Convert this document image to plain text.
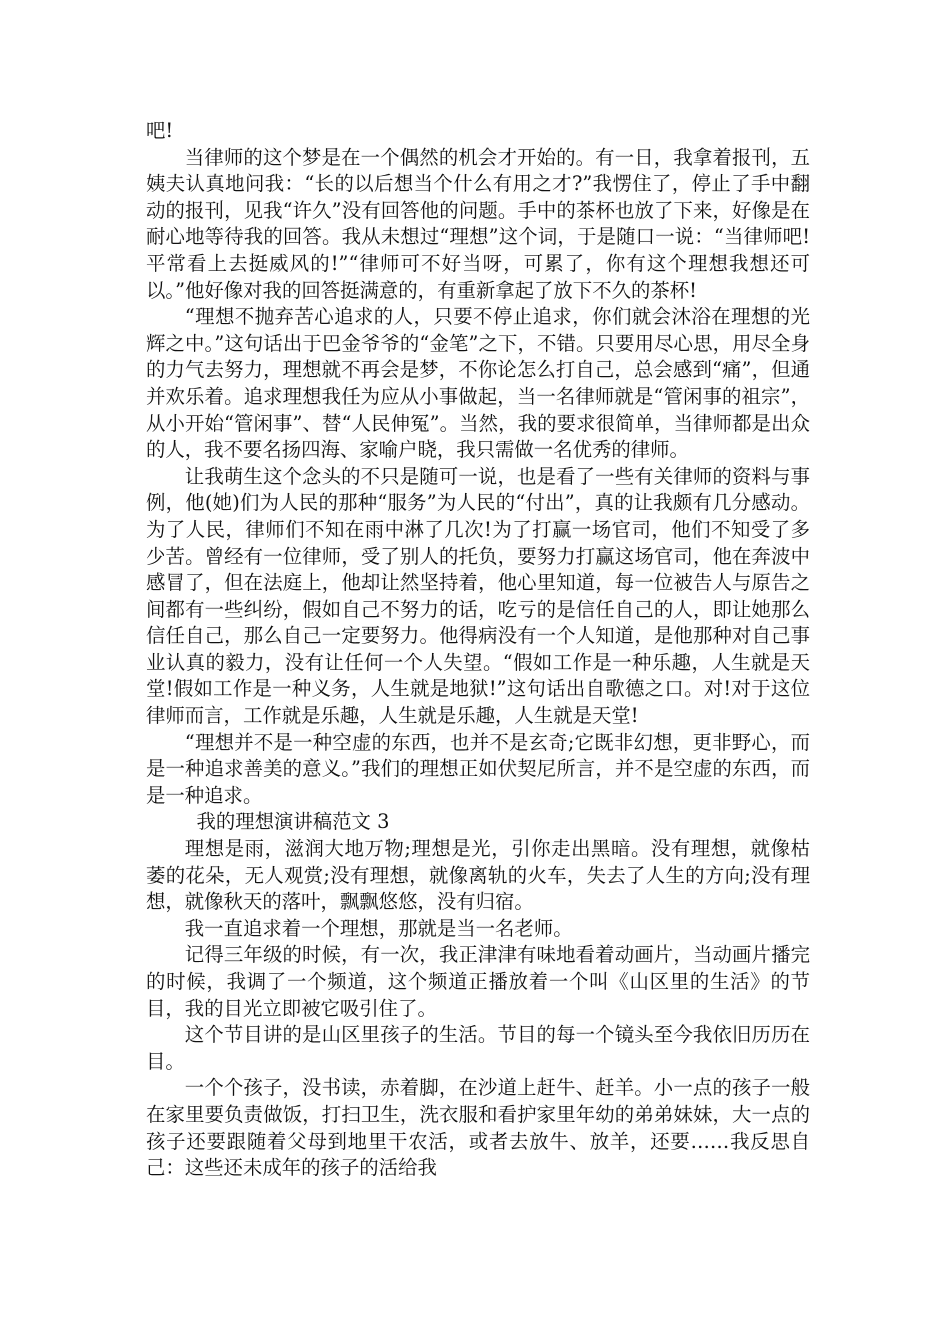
吧!

当律师的这个梦是在一个偶然的机会才开始的。有一日，我拿着报刊，五姨夫认真地问我：“长的以后想当个什么有用之才?”我愣住了，停止了手中翻动的报刊，见我“许久”没有回答他的问题。手中的茶杯也放了下来，好像是在耐心地等待我的回答。我从未想过“理想”这个词，于是随口一说：“当律师吧!平常看上去挺威风的!”“律师可不好当呀，可累了，你有这个理想我想还可以。”他好像对我的回答挺满意的，有重新拿起了放下不久的茶杯!

“理想不抛弃苦心追求的人，只要不停止追求，你们就会沐浴在理想的光辉之中。”这句话出于巴金爷爷的“金笔”之下，不错。只要用尽心思，用尽全身的力气去努力，理想就不再会是梦，不你论怎么打自己，总会感到“痛”，但通并欢乐着。追求理想我任为应从小事做起，当一名律师就是“管闲事的祖宗”，从小开始“管闲事”、替“人民伸冤”。当然，我的要求很简单，当律师都是出众的人，我不要名扬四海、家喻户晓，我只需做一名优秀的律师。

让我萌生这个念头的不只是随可一说，也是看了一些有关律师的资料与事例，他(她)们为人民的那种“服务”为人民的“付出”，真的让我颇有几分感动。为了人民，律师们不知在雨中淋了几次!为了打赢一场官司，他们不知受了多少苦。曾经有一位律师，受了别人的托负，要努力打赢这场官司，他在奔波中感冒了，但在法庭上，他却让然坚持着，他心里知道，每一位被告人与原告之间都有一些纠纷，假如自己不努力的话，吃亏的是信任自己的人，即让她那么信任自己，那么自己一定要努力。他得病没有一个人知道，是他那种对自己事业认真的毅力，没有让任何一个人失望。“假如工作是一种乐趣，人生就是天堂!假如工作是一种义务，人生就是地狱!”这句话出自歌德之口。对!对于这位律师而言，工作就是乐趣，人生就是乐趣，人生就是天堂!

“理想并不是一种空虚的东西，也并不是玄奇;它既非幻想，更非野心，而是一种追求善美的意义。”我们的理想正如伏契尼所言，并不是空虚的东西，而是一种追求。

我的理想演讲稿范文 3

理想是雨，滋润大地万物;理想是光，引你走出黑暗。没有理想，就像枯萎的花朵，无人观赏;没有理想，就像离轨的火车，失去了人生的方向;没有理想，就像秋天的落叶，飘飘悠悠，没有归宿。

我一直追求着一个理想，那就是当一名老师。

记得三年级的时候，有一次，我正津津有味地看着动画片，当动画片播完的时候，我调了一个频道，这个频道正播放着一个叫《山区里的生活》的节目，我的目光立即被它吸引住了。

这个节目讲的是山区里孩子的生活。节目的每一个镜头至今我依旧历历在目。

一个个孩子，没书读，赤着脚，在沙道上赶牛、赶羊。小一点的孩子一般在家里要负责做饭，打扫卫生，洗衣服和看护家里年幼的弟弟妹妹，大一点的孩子还要跟随着父母到地里干农活，或者去放牛、放羊，还要……我反思自己：这些还未成年的孩子的活给我
